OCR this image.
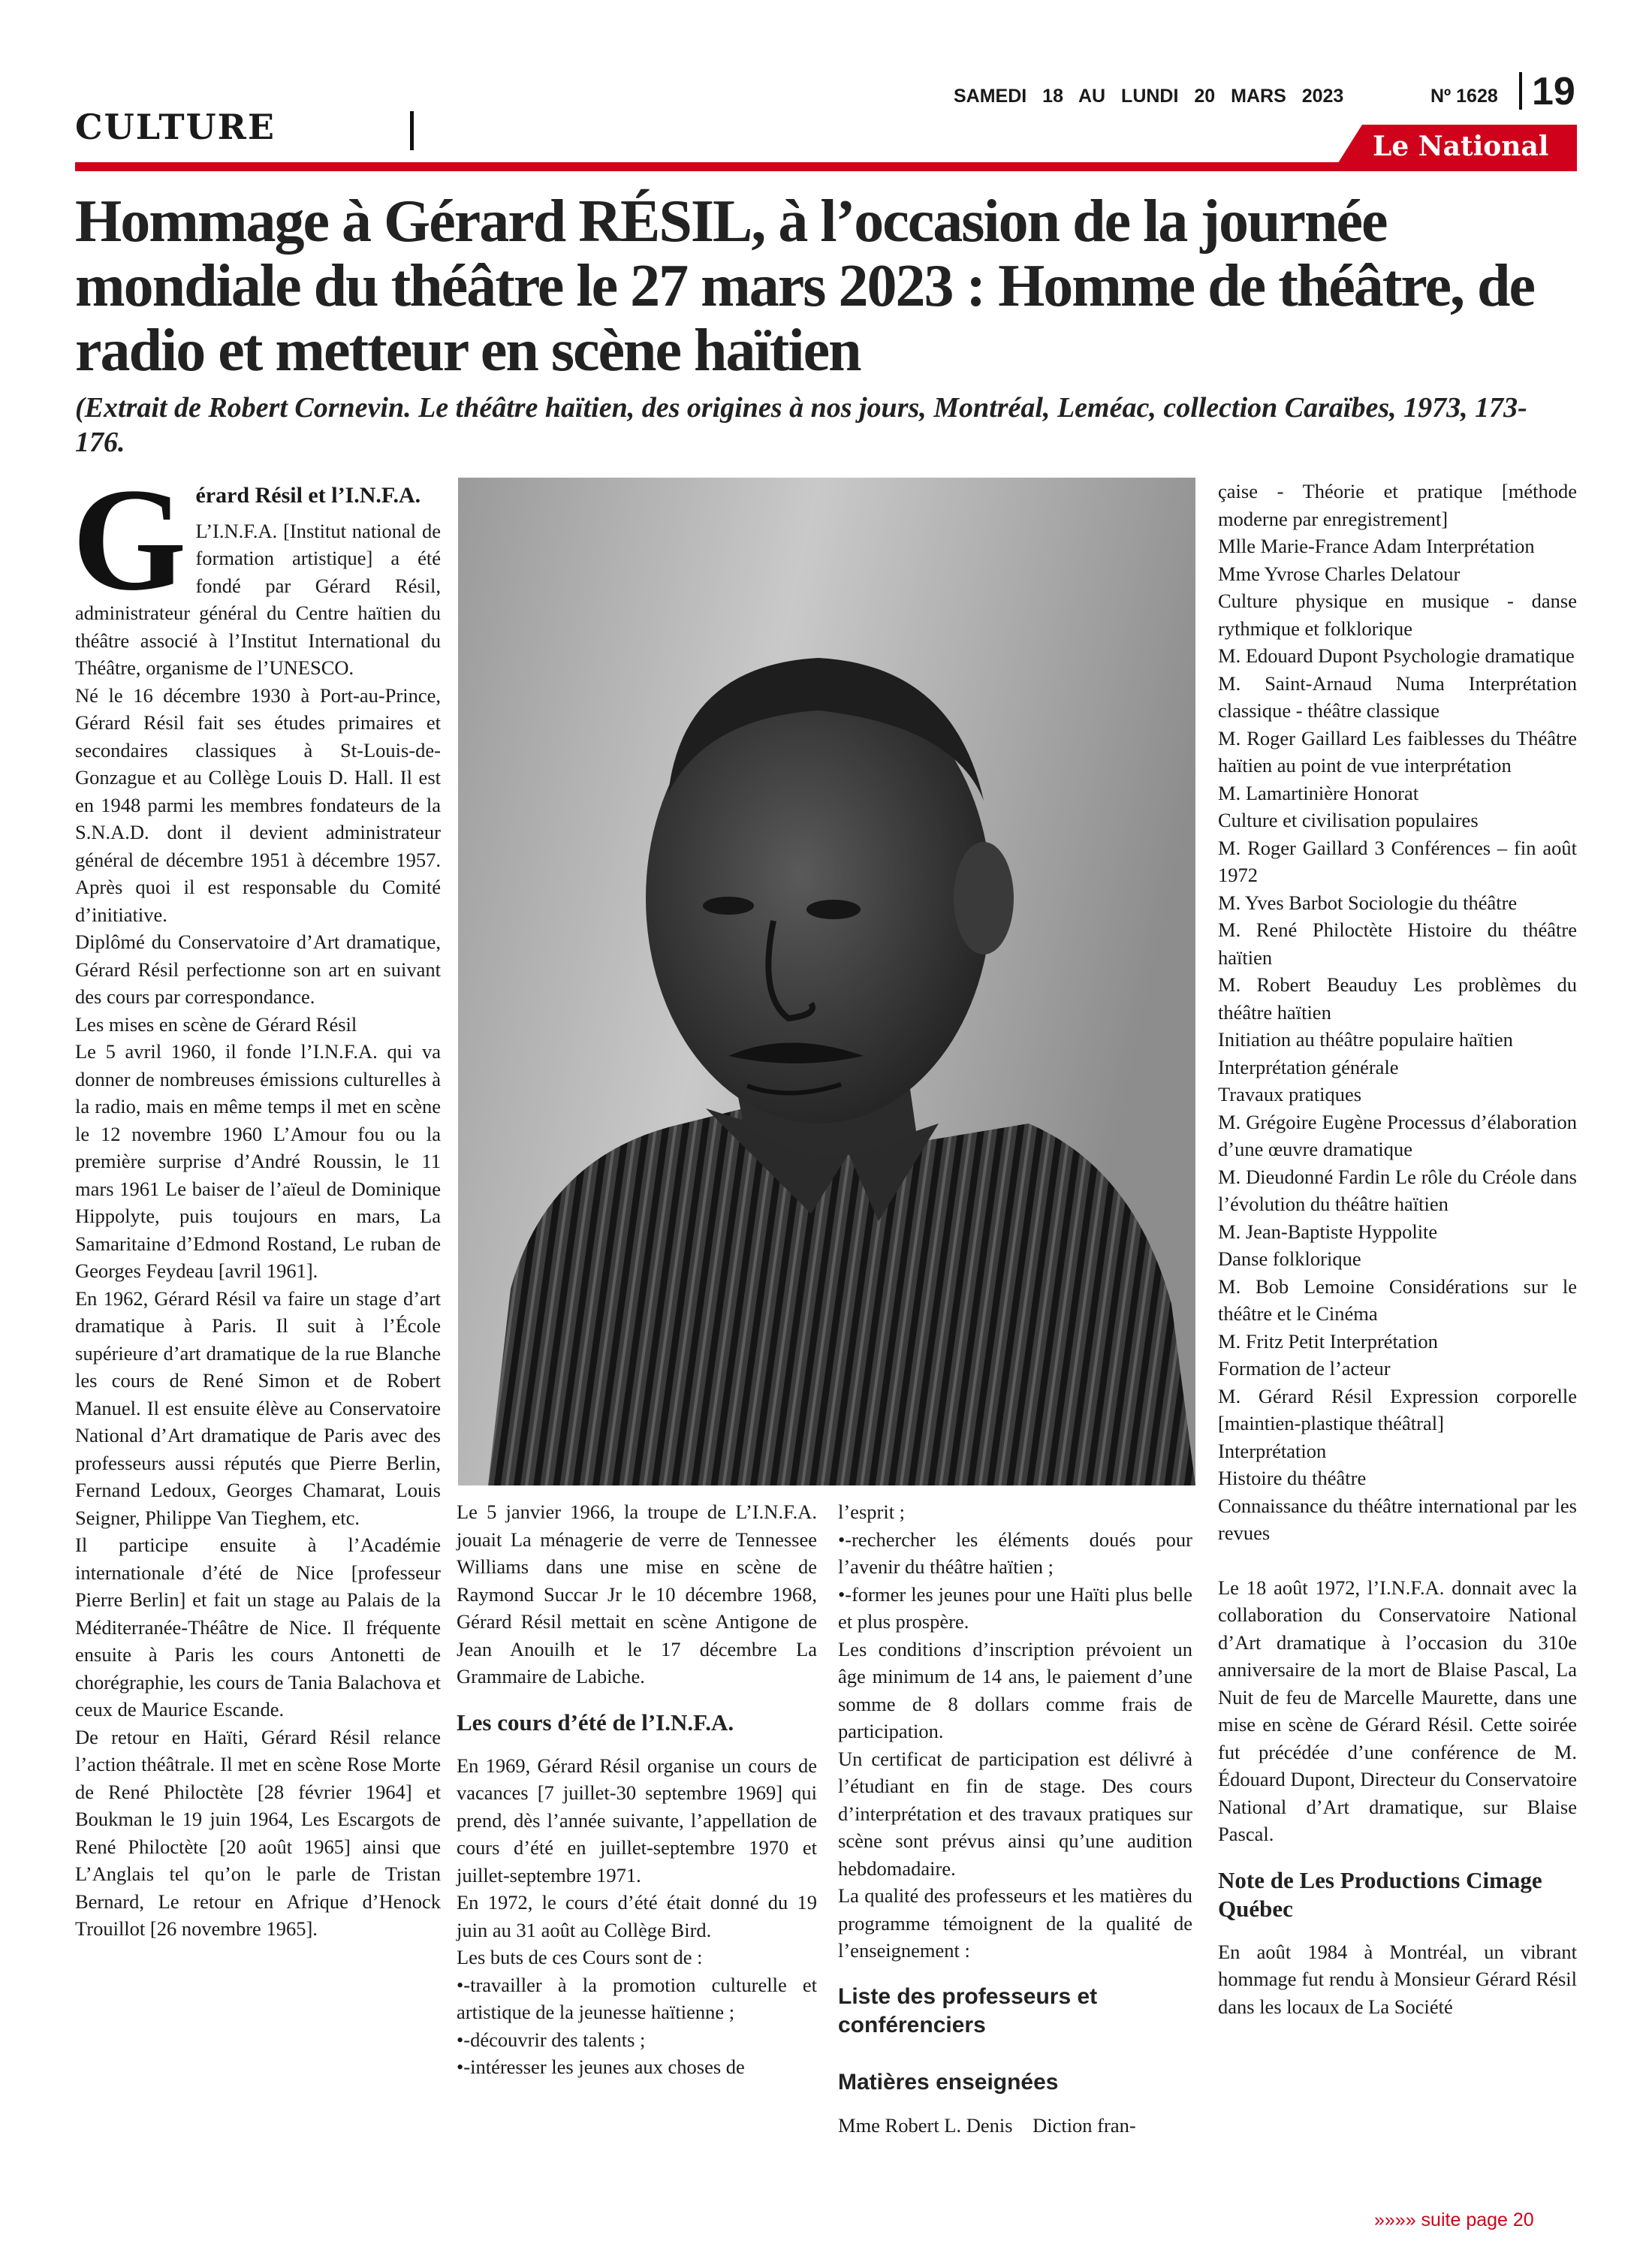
CULTURE
SAMEDI 18 AU LUNDI 20 MARS 2023	Nº 1628 19
Le National
Hommage à Gérard RÉSIL, à l’occasion de la journée mondiale du théâtre le 27 mars 2023 : Homme de théâtre, de radio et metteur en scène haïtien

(Extrait de Robert Cornevin. Le théâtre haïtien, des origines à nos jours, Montréal, Leméac, collection Caraïbes, 1973, 173-176.

G érard Résil et l’I.N.F.A.

L’I.N.F.A. [Institut national de formation artistique] a été fondé par Gérard Résil, administrateur général du Centre haïtien du théâtre associé à l’Institut International du Théâtre, organisme de l’UNESCO.

Né le 16 décembre 1930 à Port-au-Prince, Gérard Résil fait ses études primaires et secondaires classiques à St-Louis-de-Gonzague et au Collège Louis D. Hall. Il est en 1948 parmi les membres fondateurs de la S.N.A.D. dont il devient administrateur général de décembre 1951 à décembre 1957. Après quoi il est responsable du Comité d’initiative.

Diplômé du Conservatoire d’Art dramatique, Gérard Résil perfectionne son art en suivant des cours par correspondance.

Les mises en scène de Gérard Résil

Le 5 avril 1960, il fonde l’I.N.F.A. qui va donner de nombreuses émissions culturelles à la radio, mais en même temps il met en scène le 12 novembre 1960 L’Amour fou ou la première surprise d’André Roussin, le 11 mars 1961 Le baiser de l’aïeul de Dominique Hippolyte, puis toujours en mars, La Samaritaine d’Edmond Rostand, Le ruban de Georges Feydeau [avril 1961].

En 1962, Gérard Résil va faire un stage d’art dramatique à Paris. Il suit à l’École supérieure d’art dramatique de la rue Blanche les cours de René Simon et de Robert Manuel. Il est ensuite élève au Conservatoire National d’Art dramatique de Paris avec des professeurs aussi réputés que Pierre Berlin, Fernand Ledoux, Georges Chamarat, Louis Seigner, Philippe Van Tieghem, etc.

Il participe ensuite à l’Académie internationale d’été de Nice [professeur Pierre Berlin] et fait un stage au Palais de la Méditerranée-Théâtre de Nice. Il fréquente ensuite à Paris les cours Antonetti de chorégraphie, les cours de Tania Balachova et ceux de Maurice Escande.

De retour en Haïti, Gérard Résil relance l’action théâtrale. Il met en scène Rose Morte de René Philoctète [28 février 1964] et Boukman le 19 juin 1964, Les Escargots de René Philoctète [20 août 1965] ainsi que L’Anglais tel qu’on le parle de Tristan Bernard, Le retour en Afrique d’Henock Trouillot [26 novembre 1965].

Le 5 janvier 1966, la troupe de L’I.N.F.A. jouait La ménagerie de verre de Tennessee Williams dans une mise en scène de Raymond Succar Jr le 10 décembre 1968, Gérard Résil mettait en scène Antigone de Jean Anouilh et le 17 décembre La Grammaire de Labiche.

Les cours d’été de l’I.N.F.A.

En 1969, Gérard Résil organise un cours de vacances [7 juillet-30 septembre 1969] qui prend, dès l’année suivante, l’appellation de cours d’été en juillet-septembre 1970 et juillet-septembre 1971.

En 1972, le cours d’été était donné du 19 juin au 31 août au Collège Bird.

Les buts de ces Cours sont de :

•-travailler à la promotion culturelle et artistique de la jeunesse haïtienne ;

•-découvrir des talents ;

•-intéresser les jeunes aux choses de

l’esprit ;

•-rechercher les éléments doués pour l’avenir du théâtre haïtien ;

•-former les jeunes pour une Haïti plus belle et plus prospère.

Les conditions d’inscription prévoient un âge minimum de 14 ans, le paiement d’une somme de 8 dollars comme frais de participation.

Un certificat de participation est délivré à l’étudiant en fin de stage. Des cours d’interprétation et des travaux pratiques sur scène sont prévus ainsi qu’une audition hebdomadaire.

La qualité des professeurs et les matières du programme témoignent de la qualité de l’enseignement :

Liste des professeurs et conférenciers

Matières enseignées

Mme Robert L. Denis    Diction fran-

çaise - Théorie et pratique [méthode moderne par enregistrement]

Mlle Marie-France Adam Interprétation

Mme Yvrose Charles Delatour

Culture physique en musique - danse rythmique et folklorique

M. Edouard Dupont Psychologie dramatique

M. Saint-Arnaud Numa Interprétation classique - théâtre classique

M. Roger Gaillard Les faiblesses du Théâtre haïtien au point de vue interprétation

M. Lamartinière Honorat

Culture et civilisation populaires

M. Roger Gaillard 3 Conférences – fin août 1972

M. Yves Barbot Sociologie du théâtre

M. René Philoctète Histoire du théâtre haïtien

M. Robert Beauduy Les problèmes du théâtre haïtien

Initiation au théâtre populaire haïtien

Interprétation générale

Travaux pratiques

M. Grégoire Eugène Processus d’élaboration d’une œuvre dramatique

M. Dieudonné Fardin Le rôle du Créole dans l’évolution du théâtre haïtien

M. Jean-Baptiste Hyppolite

Danse folklorique

M. Bob Lemoine Considérations sur le théâtre et le Cinéma

M. Fritz Petit Interprétation

Formation de l’acteur

M. Gérard Résil Expression corporelle [maintien-plastique théâtral]

Interprétation

Histoire du théâtre

Connaissance du théâtre international par les revues

Le 18 août 1972, l’I.N.F.A. donnait avec la collaboration du Conservatoire National d’Art dramatique à l’occasion du 310e anniversaire de la mort de Blaise Pascal, La Nuit de feu de Marcelle Maurette, dans une mise en scène de Gérard Résil. Cette soirée fut précédée d’une conférence de M. Édouard Dupont, Directeur du Conservatoire National d’Art dramatique, sur Blaise Pascal.

Note de Les Productions Cimage Québec

En août 1984 à Montréal, un vibrant hommage fut rendu à Monsieur Gérard Résil dans les locaux de La Société

»»»» suite page 20
